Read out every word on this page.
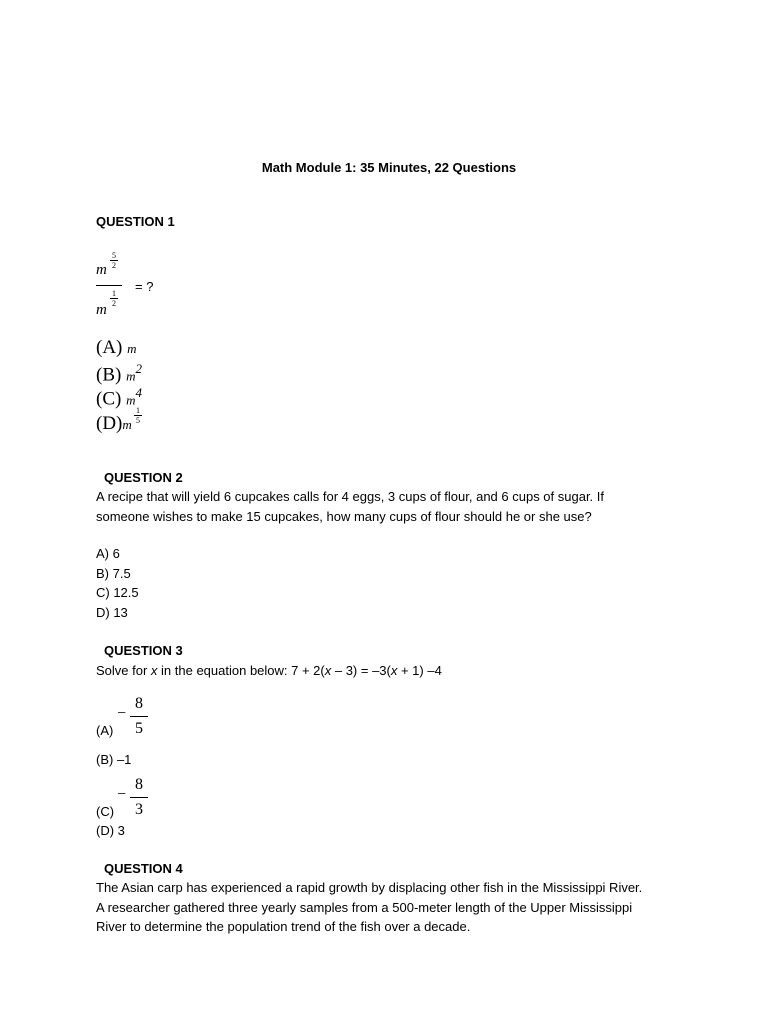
Math Module 1: 35 Minutes, 22 Questions
QUESTION 1
m
5
2
m
1
2
= ?
(A) m
(B) $m^2$
(C) $m^4$
(D)m
1
5
QUESTION 2
A recipe that will yield 6 cupcakes calls for 4 eggs, 3 cups of flour, and 6 cups of sugar. If
someone wishes to make 15 cupcakes, how many cups of flour should he or she use?
A) 6
B) 7.5
C) 12.5
D) 13
QUESTION 3
Solve for x in the equation below: 7 + 2(x – 3) = –3(x + 1) –4
(A)
−
8
5
(B) –1
(C)
−
8
3
(D) 3
QUESTION 4
The Asian carp has experienced a rapid growth by displacing other fish in the Mississippi River.
A researcher gathered three yearly samples from a 500-meter length of the Upper Mississippi
River to determine the population trend of the fish over a decade.
